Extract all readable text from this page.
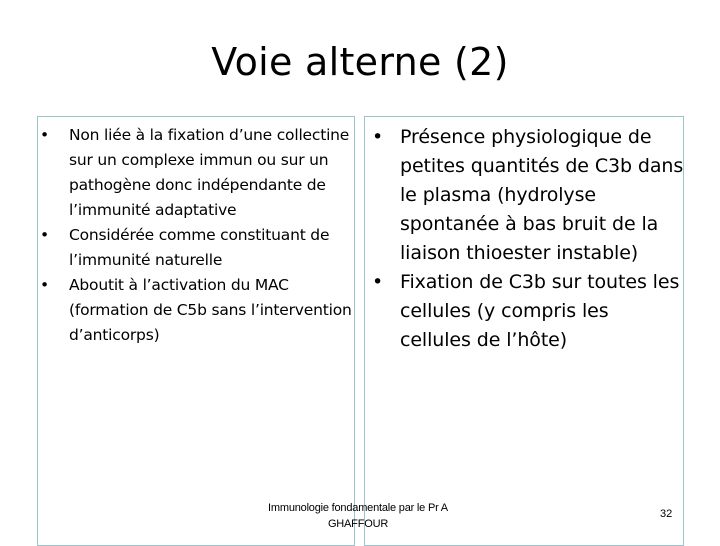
Voie alterne (2)
• Non liée à la fixation d’une collectine sur un complexe immun ou sur un pathogène donc indépendante de l’immunité adaptative
• Considérée comme constituant de l’immunité naturelle
• Aboutit à l’activation du MAC (formation de C5b sans l’intervention d’anticorps)
• Présence physiologique de petites quantités de C3b dans le plasma (hydrolyse spontanée à bas bruit de la liaison thioester instable)
• Fixation de C3b sur toutes les cellules (y compris les cellules de l’hôte)
Immunologie fondamentale par le Pr A GHAFFOUR
32
